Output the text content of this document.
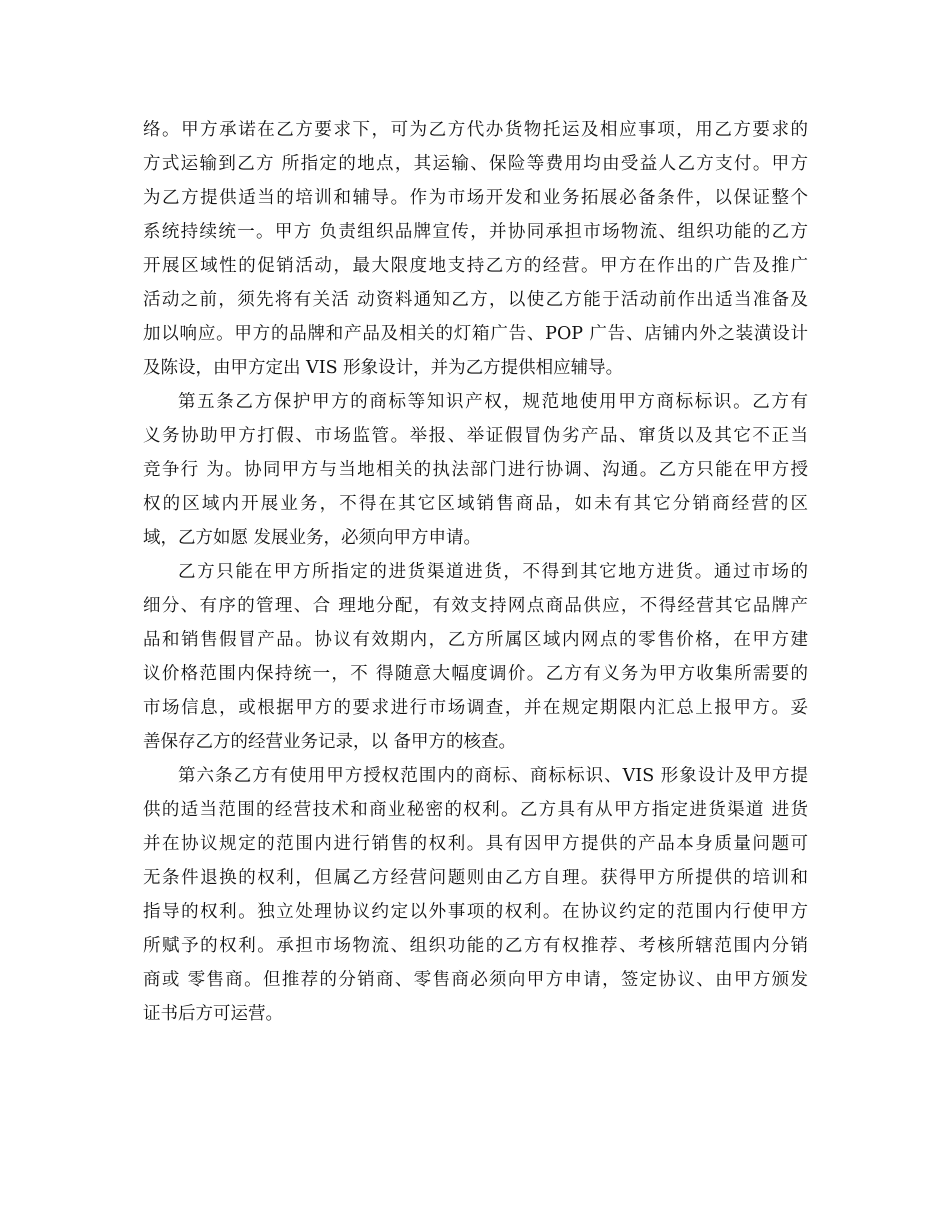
络。甲方承诺在乙方要求下，可为乙方代办货物托运及相应事项，用乙方要求的
方式运输到乙方 所指定的地点，其运输、保险等费用均由受益人乙方支付。甲方
为乙方提供适当的培训和辅导。作为市场开发和业务拓展必备条件，以保证整个
系统持续统一。甲方 负责组织品牌宣传，并协同承担市场物流、组织功能的乙方
开展区域性的促销活动，最大限度地支持乙方的经营。甲方在作出的广告及推广
活动之前，须先将有关活 动资料通知乙方，以使乙方能于活动前作出适当准备及
加以响应。甲方的品牌和产品及相关的灯箱广告、POP 广告、店铺内外之装潢设计
及陈设，由甲方定出 VIS 形象设计，并为乙方提供相应辅导。
第五条乙方保护甲方的商标等知识产权，规范地使用甲方商标标识。乙方有
义务协助甲方打假、市场监管。举报、举证假冒伪劣产品、窜货以及其它不正当
竞争行 为。协同甲方与当地相关的执法部门进行协调、沟通。乙方只能在甲方授
权的区域内开展业务，不得在其它区域销售商品，如未有其它分销商经营的区
域，乙方如愿 发展业务，必须向甲方申请。
乙方只能在甲方所指定的进货渠道进货，不得到其它地方进货。通过市场的
细分、有序的管理、合 理地分配，有效支持网点商品供应，不得经营其它品牌产
品和销售假冒产品。协议有效期内，乙方所属区域内网点的零售价格，在甲方建
议价格范围内保持统一，不 得随意大幅度调价。乙方有义务为甲方收集所需要的
市场信息，或根据甲方的要求进行市场调查，并在规定期限内汇总上报甲方。妥
善保存乙方的经营业务记录，以 备甲方的核查。
第六条乙方有使用甲方授权范围内的商标、商标标识、VIS 形象设计及甲方提
供的适当范围的经营技术和商业秘密的权利。乙方具有从甲方指定进货渠道 进货
并在协议规定的范围内进行销售的权利。具有因甲方提供的产品本身质量问题可
无条件退换的权利，但属乙方经营问题则由乙方自理。获得甲方所提供的培训和
指导的权利。独立处理协议约定以外事项的权利。在协议约定的范围内行使甲方
所赋予的权利。承担市场物流、组织功能的乙方有权推荐、考核所辖范围内分销
商或 零售商。但推荐的分销商、零售商必须向甲方申请，签定协议、由甲方颁发
证书后方可运营。
